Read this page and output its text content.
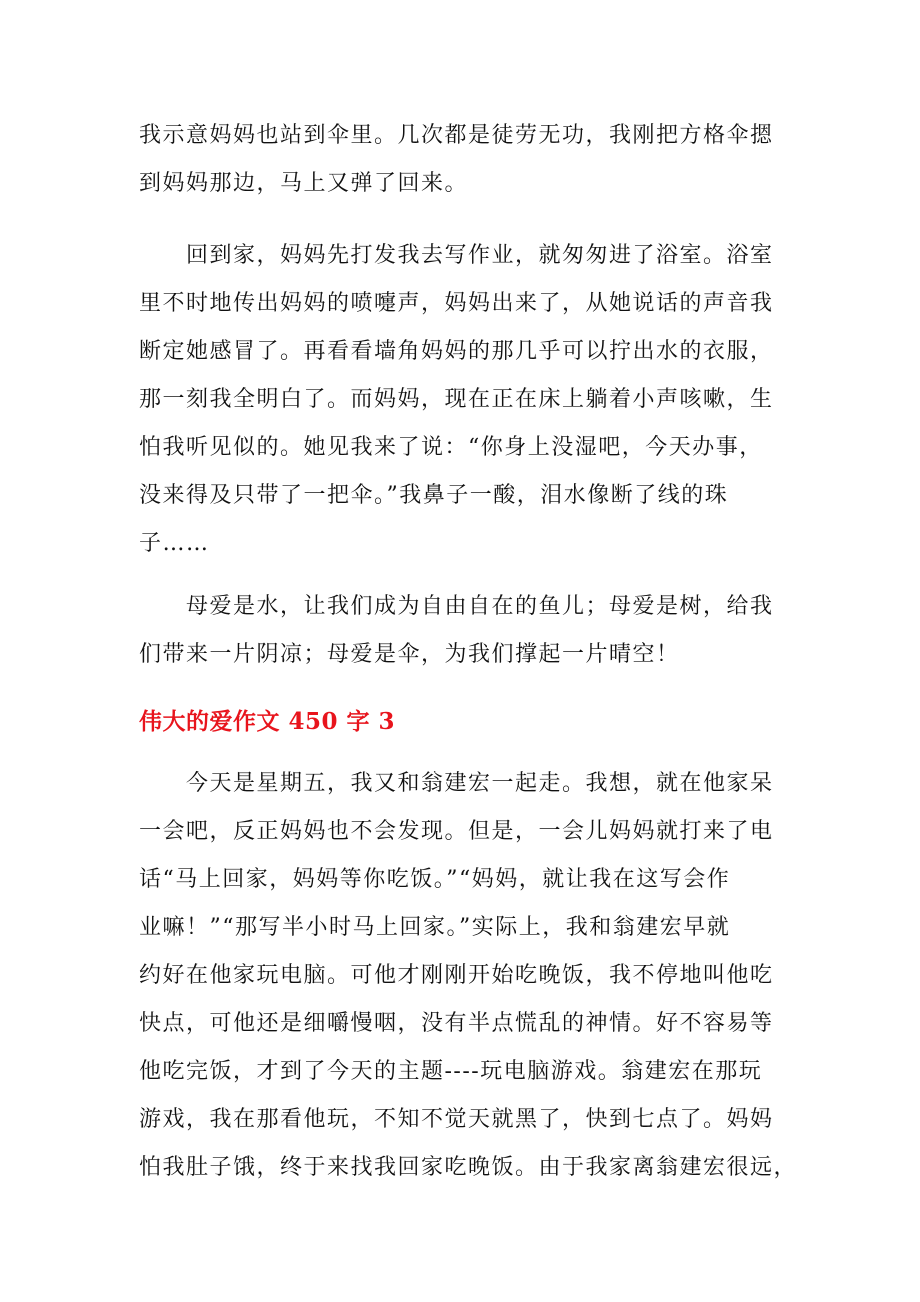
我示意妈妈也站到伞里。几次都是徒劳无功，我刚把方格伞摁
到妈妈那边，马上又弹了回来。
　　回到家，妈妈先打发我去写作业，就匆匆进了浴室。浴室
里不时地传出妈妈的喷嚏声，妈妈出来了，从她说话的声音我
断定她感冒了。再看看墙角妈妈的那几乎可以拧出水的衣服，
那一刻我全明白了。而妈妈，现在正在床上躺着小声咳嗽，生
怕我听见似的。她见我来了说：“你身上没湿吧，今天办事，
没来得及只带了一把伞。”我鼻子一酸，泪水像断了线的珠
子……
　　母爱是水，让我们成为自由自在的鱼儿；母爱是树，给我
们带来一片阴凉；母爱是伞，为我们撑起一片晴空！
伟大的爱作文 450 字 3
　　今天是星期五，我又和翁建宏一起走。我想，就在他家呆
一会吧，反正妈妈也不会发现。但是，一会儿妈妈就打来了电
话“马上回家，妈妈等你吃饭。”“妈妈，就让我在这写会作
业嘛！”“那写半小时马上回家。”实际上，我和翁建宏早就
约好在他家玩电脑。可他才刚刚开始吃晚饭，我不停地叫他吃
快点，可他还是细嚼慢咽，没有半点慌乱的神情。好不容易等
他吃完饭，才到了今天的主题----玩电脑游戏。翁建宏在那玩
游戏，我在那看他玩，不知不觉天就黑了，快到七点了。妈妈
怕我肚子饿，终于来找我回家吃晚饭。由于我家离翁建宏很远，
